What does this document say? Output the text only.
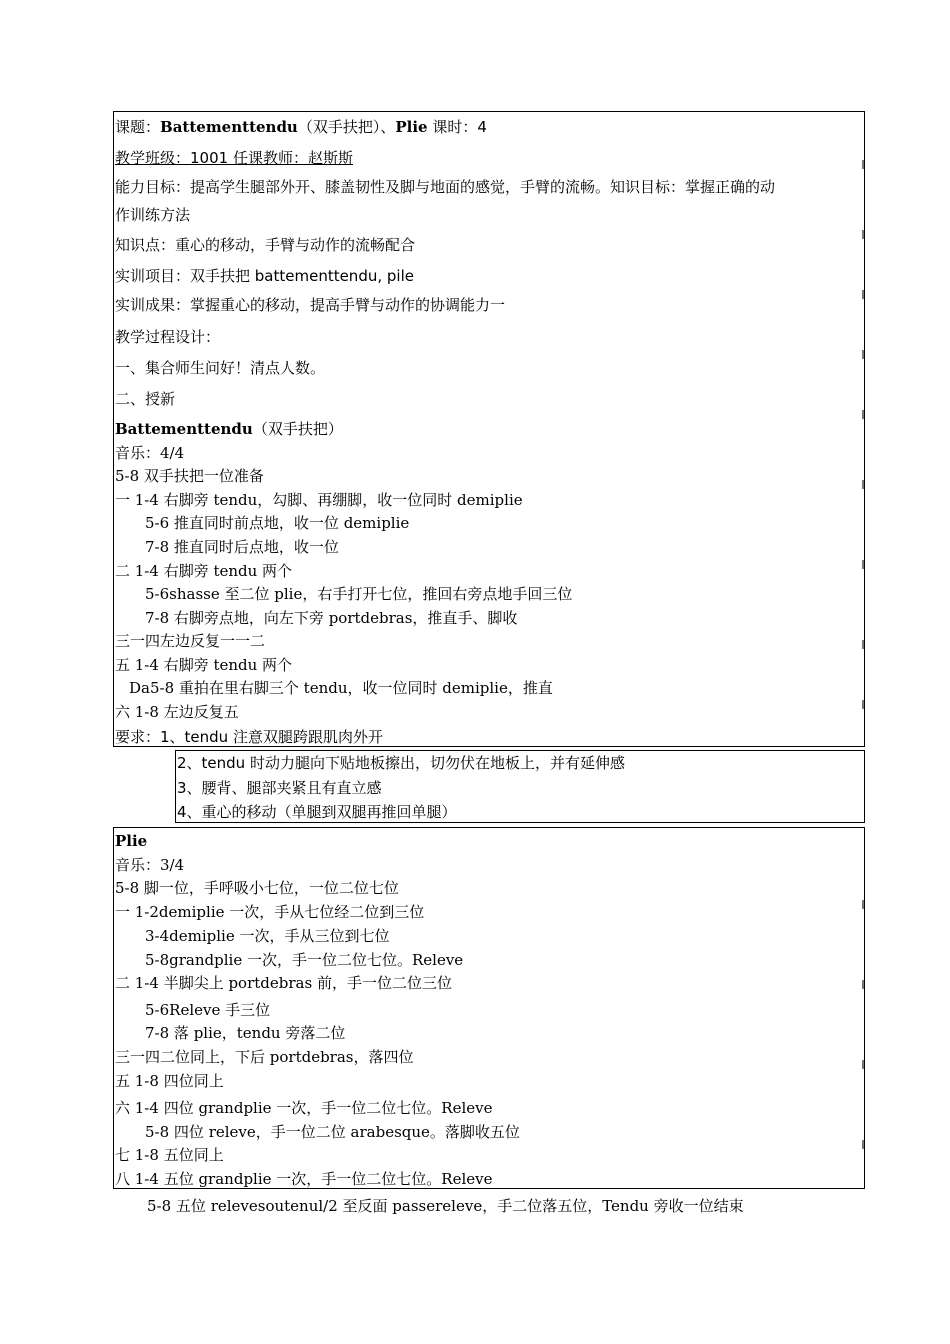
课题：Battementtendu（双手扶把）、Plie 课时：4
教学班级：1001 任课教师：赵斯斯
能力目标：提高学生腿部外开、膝盖韧性及脚与地面的感觉，手臂的流畅。知识目标：掌握正确的动
作训练方法
知识点：重心的移动，手臂与动作的流畅配合
实训项目：双手扶把 battementtendu, pile
实训成果：掌握重心的移动，提高手臂与动作的协调能力一
教学过程设计：
一、集合师生问好！清点人数。
二、授新
Battementtendu（双手扶把）
音乐：4/4
5-8 双手扶把一位准备
一 1-4 右脚旁 tendu，勾脚、再绷脚，收一位同时 demiplie
5-6 推直同时前点地，收一位 demiplie
7-8 推直同时后点地，收一位
二 1-4 右脚旁 tendu 两个
5-6shasse 至二位 plie，右手打开七位，推回右旁点地手回三位
7-8 右脚旁点地，向左下旁 portdebras，推直手、脚收
三一四左边反复一一二
五 1-4 右脚旁 tendu 两个
Da5-8 重拍在里右脚三个 tendu，收一位同时 demiplie，推直
六 1-8 左边反复五
要求：1、tendu 注意双腿跨跟肌肉外开
2、tendu 时动力腿向下贴地板擦出，切勿伏在地板上，并有延伸感
3、腰背、腿部夹紧且有直立感
4、重心的移动（单腿到双腿再推回单腿）
Plie
音乐：3/4
5-8 脚一位，手呼吸小七位，一位二位七位
一 1-2demiplie 一次，手从七位经二位到三位
3-4demiplie 一次，手从三位到七位
5-8grandplie 一次，手一位二位七位。Releve
二 1-4 半脚尖上 portdebras 前，手一位二位三位
5-6Releve 手三位
7-8 落 plie，tendu 旁落二位
三一四二位同上，下后 portdebras，落四位
五 1-8 四位同上
六 1-4 四位 grandplie 一次，手一位二位七位。Releve
5-8 四位 releve，手一位二位 arabesque。落脚收五位
七 1-8 五位同上
八 1-4 五位 grandplie 一次，手一位二位七位。Releve
5-8 五位 relevesoutenul/2 至反面 passereleve，手二位落五位，Tendu 旁收一位结束
